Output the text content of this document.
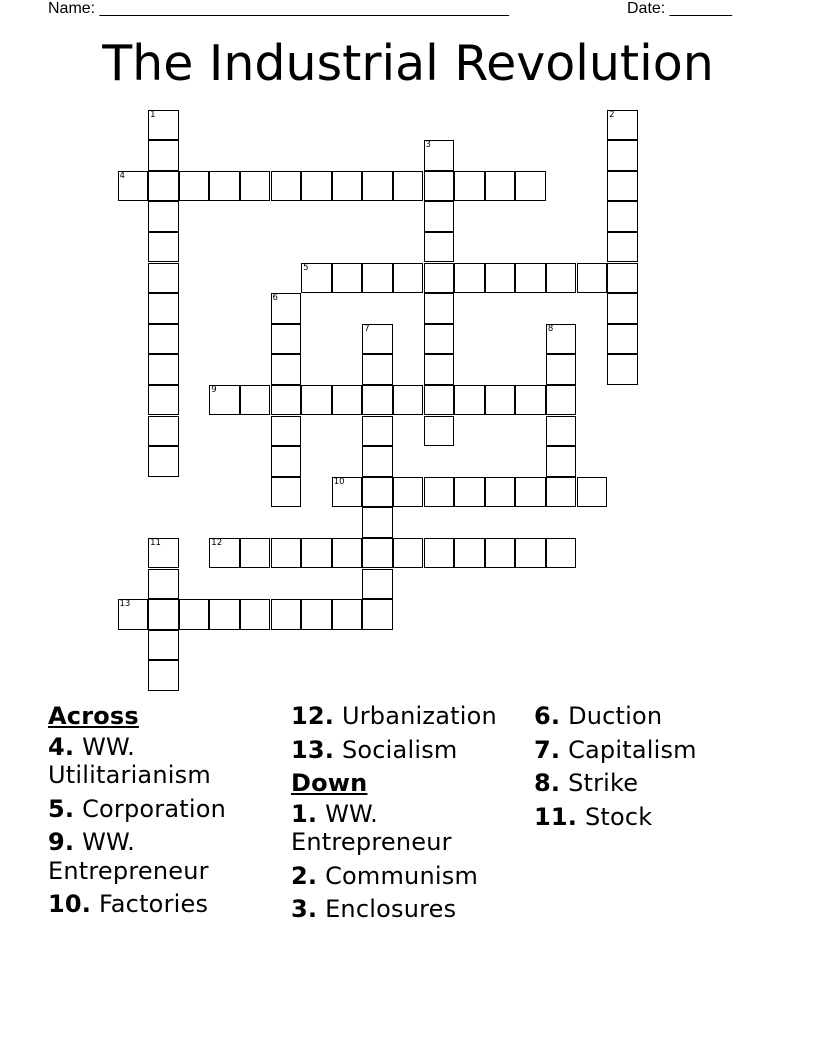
Name: ______________________________________________	Date: _______
The Industrial Revolution
4
5
9
10
12
13
1	2
3
6
7	8
11

Across

4. WW. Utilitarianism

5. Corporation

9. WW. Entrepreneur

10. Factories

12. Urbanization

13. Socialism

Down

1. WW. Entrepreneur

2. Communism

3. Enclosures

6. Duction

7. Capitalism

8. Strike

11. Stock
